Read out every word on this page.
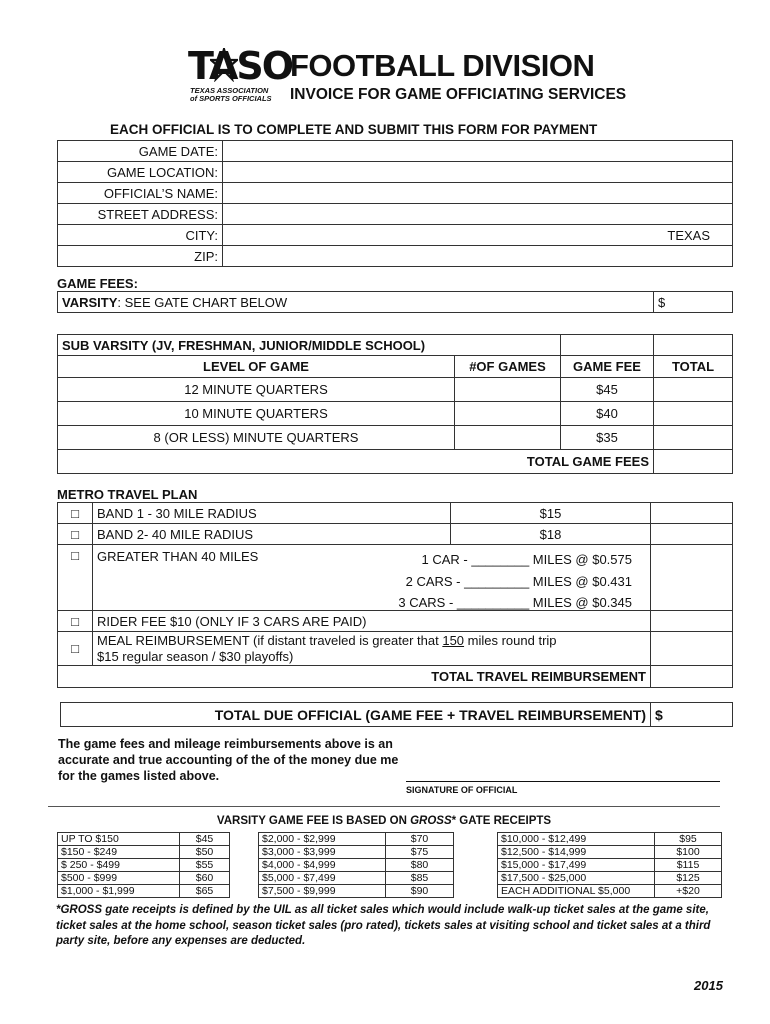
TASO
TEXAS ASSOCIATION
of SPORTS OFFICIALS
FOOTBALL DIVISION
INVOICE FOR GAME OFFICIATING SERVICES
EACH OFFICIAL IS TO COMPLETE AND SUBMIT THIS FORM FOR PAYMENT
GAME DATE:	
GAME LOCATION:	
OFFICIAL’S NAME:	
STREET ADDRESS:	
CITY:	TEXAS
ZIP:	
GAME FEES:
VARSITY: SEE GATE CHART BELOW	$
SUB VARSITY (JV, FRESHMAN, JUNIOR/MIDDLE SCHOOL)			
LEVEL OF GAME	#OF GAMES	GAME FEE	TOTAL
12 MINUTE QUARTERS		$45	
10 MINUTE QUARTERS		$40	
8 (OR LESS) MINUTE QUARTERS		$35	
TOTAL GAME FEES			
METRO TRAVEL PLAN
□	BAND 1 - 30 MILE RADIUS	$15	
□	BAND 2- 40 MILE RADIUS	$18	
□	GREATER THAN 40 MILES 1 CAR - ________ MILES @ $0.575
2 CARS - _________ MILES @ $0.431
3 CARS - __________ MILES @ $0.345		

□	RIDER FEE $10 (ONLY IF 3 CARS ARE PAID)		
□	MEAL REIMBURSEMENT (if distant traveled is greater that 150 miles round trip
$15 regular season / $30 playoffs)		

TOTAL TRAVEL REIMBURSEMENT			
TOTAL DUE OFFICIAL (GAME FEE + TRAVEL REIMBURSEMENT)	$
The game fees and mileage reimbursements above is an accurate and true accounting of the of the money due me for the games listed above.
SIGNATURE OF OFFICIAL
VARSITY GAME FEE IS BASED ON GROSS* GATE RECEIPTS
UP TO $150	$45
$150 - $249	$50
$ 250 - $499	$55
$500 - $999	$60
$1,000 - $1,999	$65
$2,000 - $2,999	$70
$3,000 - $3,999	$75
$4,000 - $4,999	$80
$5,000 - $7,499	$85
$7,500 - $9,999	$90
$10,000 - $12,499	$95
$12,500 - $14,999	$100
$15,000 - $17,499	$115
$17,500 - $25,000	$125
EACH ADDITIONAL $5,000	+$20
*GROSS gate receipts is defined by the UIL as all ticket sales which would include walk-up ticket sales at the game site, ticket sales at the home school, season ticket sales (pro rated), tickets sales at visiting school and ticket sales at a third party site, before any expenses are deducted.
2015
